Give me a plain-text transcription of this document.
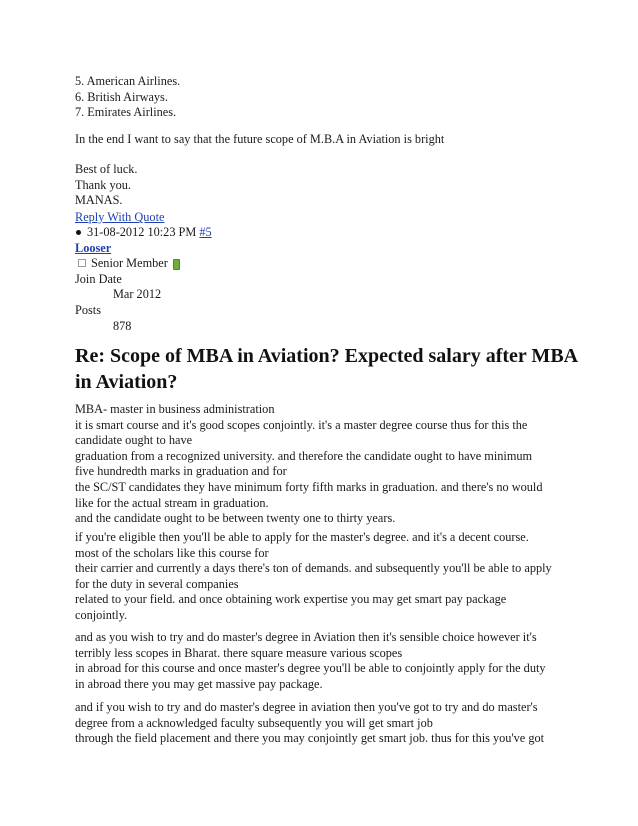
5. American Airlines.
6. British Airways.
7. Emirates Airlines.
In the end I want to say that the future scope of M.B.A in Aviation is bright
Best of luck.
Thank you.
MANAS.
Reply With Quote
31-08-2012 10:23 PM #5
Looser
Senior Member
Join Date
Mar 2012
Posts
878
Re: Scope of MBA in Aviation? Expected salary after MBA
in Aviation?
MBA- master in business administration
it is smart course and it's good scopes conjointly. it's a master degree course thus for this the
candidate ought to have
graduation from a recognized university. and therefore the candidate ought to have minimum
five hundredth marks in graduation and for
the SC/ST candidates they have minimum forty fifth marks in graduation. and there's no would
like for the actual stream in graduation.
and the candidate ought to be between twenty one to thirty years.
if you're eligible then you'll be able to apply for the master's degree. and it's a decent course.
most of the scholars like this course for
their carrier and currently a days there's ton of demands. and subsequently you'll be able to apply
for the duty in several companies
related to your field. and once obtaining work expertise you may get smart pay package
conjointly.
and as you wish to try and do master's degree in Aviation then it's sensible choice however it's
terribly less scopes in Bharat. there square measure various scopes
in abroad for this course and once master's degree you'll be able to conjointly apply for the duty
in abroad there you may get massive pay package.
and if you wish to try and do master's degree in aviation then you've got to try and do master's
degree from a acknowledged faculty subsequently you will get smart job
through the field placement and there you may conjointly get smart job. thus for this you've got
